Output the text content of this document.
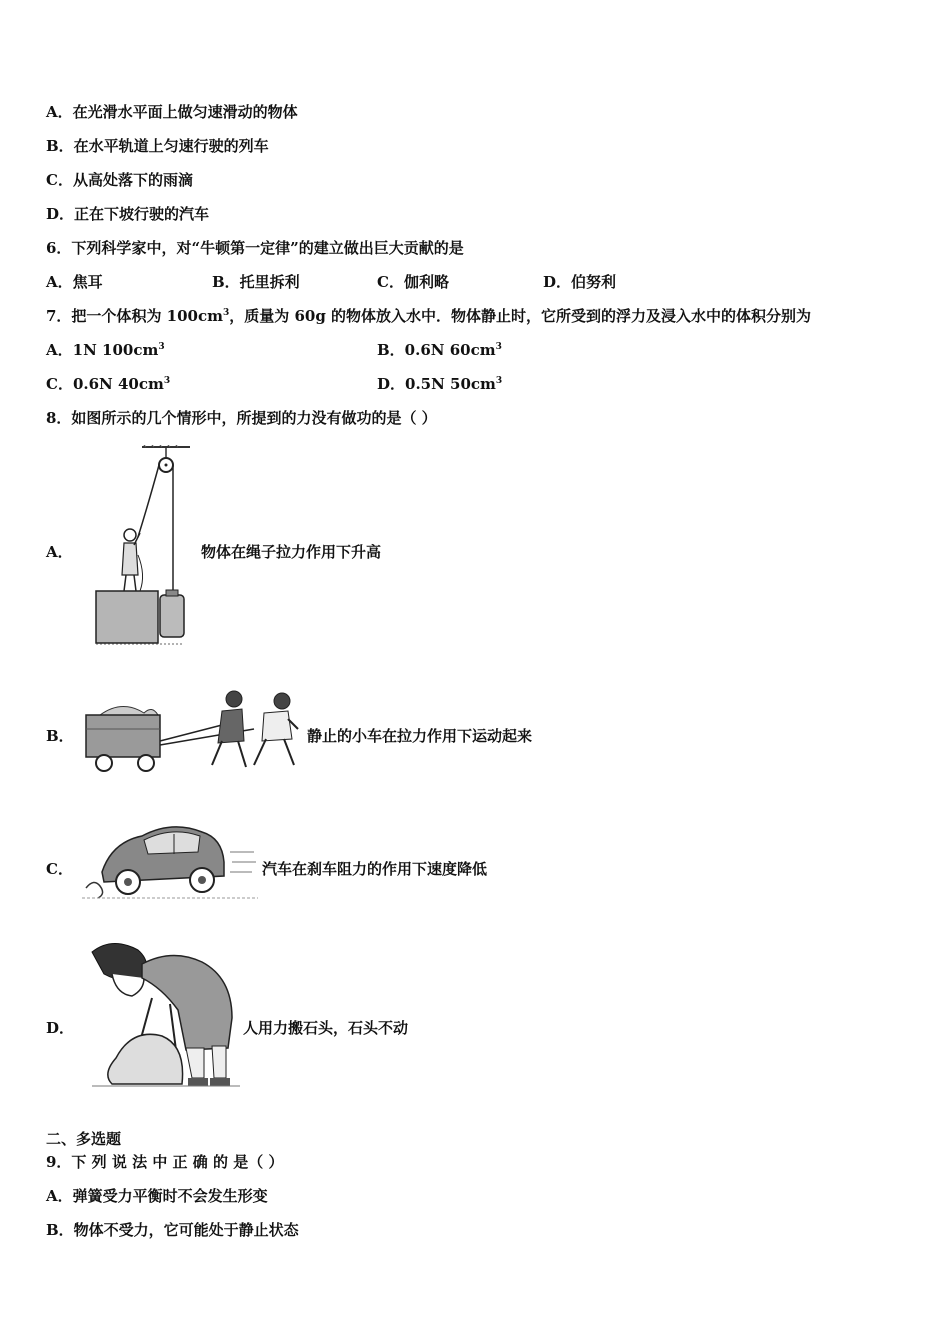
A．在光滑水平面上做匀速滑动的物体
B．在水平轨道上匀速行驶的列车
C．从高处落下的雨滴
D．正在下坡行驶的汽车
6．下列科学家中，对“牛顿第一定律”的建立做出巨大贡献的是
A．焦耳	B．托里拆利	C．伽利略	D．伯努利
7．把一个体积为 $100cm^3$，质量为 60g 的物体放入水中．物体静止时，它所受到的浮力及浸入水中的体积分别为
A．1N $100cm^3$	B．0.6N $60cm^3$
C．0.6N $40cm^3$	D．0.5N $50cm^3$
8．如图所示的几个情形中，所提到的力没有做功的是（ ）
A．	物体在绳子拉力作用下升高
B．	静止的小车在拉力作用下运动起来
C．	汽车在刹车阻力的作用下速度降低
D．	人用力搬石头，石头不动
二、多选题
9．下 列 说 法 中 正 确 的 是（ ）
A．弹簧受力平衡时不会发生形变
B．物体不受力，它可能处于静止状态
